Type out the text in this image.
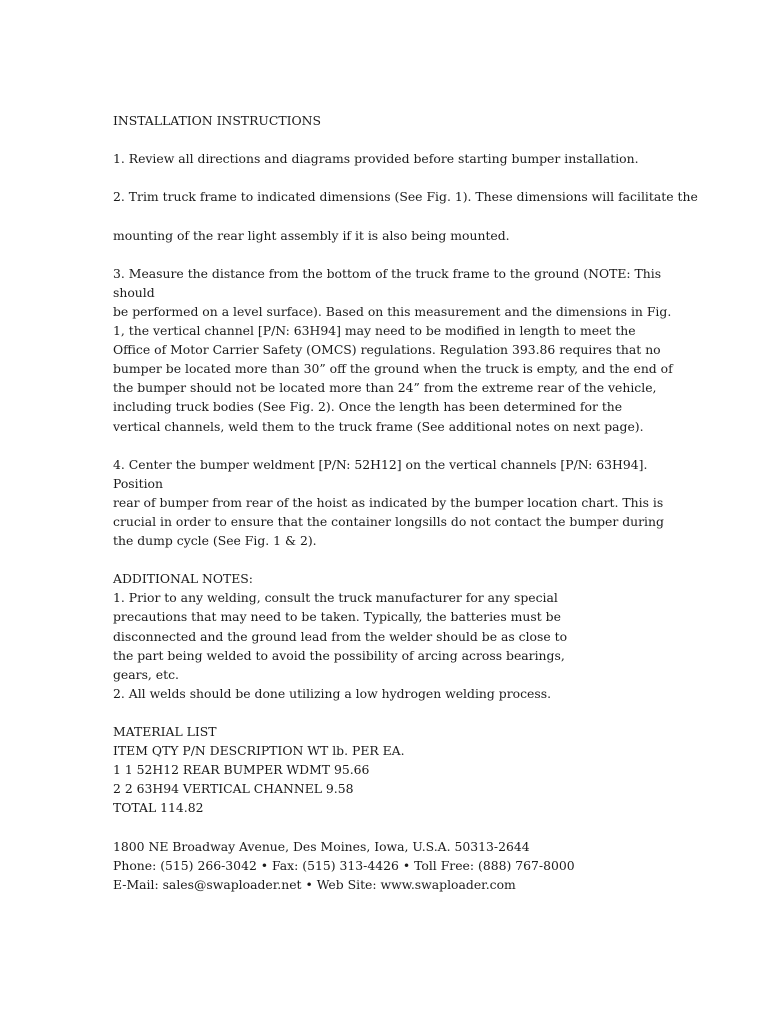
INSTALLATION INSTRUCTIONS
1. Review all directions and diagrams provided before starting bumper installation.
2. Trim truck frame to indicated dimensions (See Fig. 1). These dimensions will facilitate the
mounting of the rear light assembly if it is also being mounted.
3. Measure the distance from the bottom of the truck frame to the ground (NOTE: This
should
be performed on a level surface). Based on this measurement and the dimensions in Fig.
1, the vertical channel [P/N: 63H94] may need to be modified in length to meet the
Office of Motor Carrier Safety (OMCS) regulations. Regulation 393.86 requires that no
bumper be located more than 30” off the ground when the truck is empty, and the end of
the bumper should not be located more than 24” from the extreme rear of the vehicle,
including truck bodies (See Fig. 2). Once the length has been determined for the
vertical channels, weld them to the truck frame (See additional notes on next page).
4. Center the bumper weldment [P/N: 52H12] on the vertical channels [P/N: 63H94].
Position
rear of bumper from rear of the hoist as indicated by the bumper location chart. This is
crucial in order to ensure that the container longsills do not contact the bumper during
the dump cycle (See Fig. 1 & 2).
ADDITIONAL NOTES:
1. Prior to any welding, consult the truck manufacturer for any special
precautions that may need to be taken. Typically, the batteries must be
disconnected and the ground lead from the welder should be as close to
the part being welded to avoid the possibility of arcing across bearings,
gears, etc.
2. All welds should be done utilizing a low hydrogen welding process.
MATERIAL LIST
ITEM QTY P/N DESCRIPTION WT lb. PER EA.
1 1 52H12 REAR BUMPER WDMT 95.66
2 2 63H94 VERTICAL CHANNEL 9.58
TOTAL 114.82
1800 NE Broadway Avenue, Des Moines, Iowa, U.S.A. 50313-2644
Phone: (515) 266-3042 • Fax: (515) 313-4426 • Toll Free: (888) 767-8000
E-Mail: sales@swaploader.net • Web Site: www.swaploader.com
